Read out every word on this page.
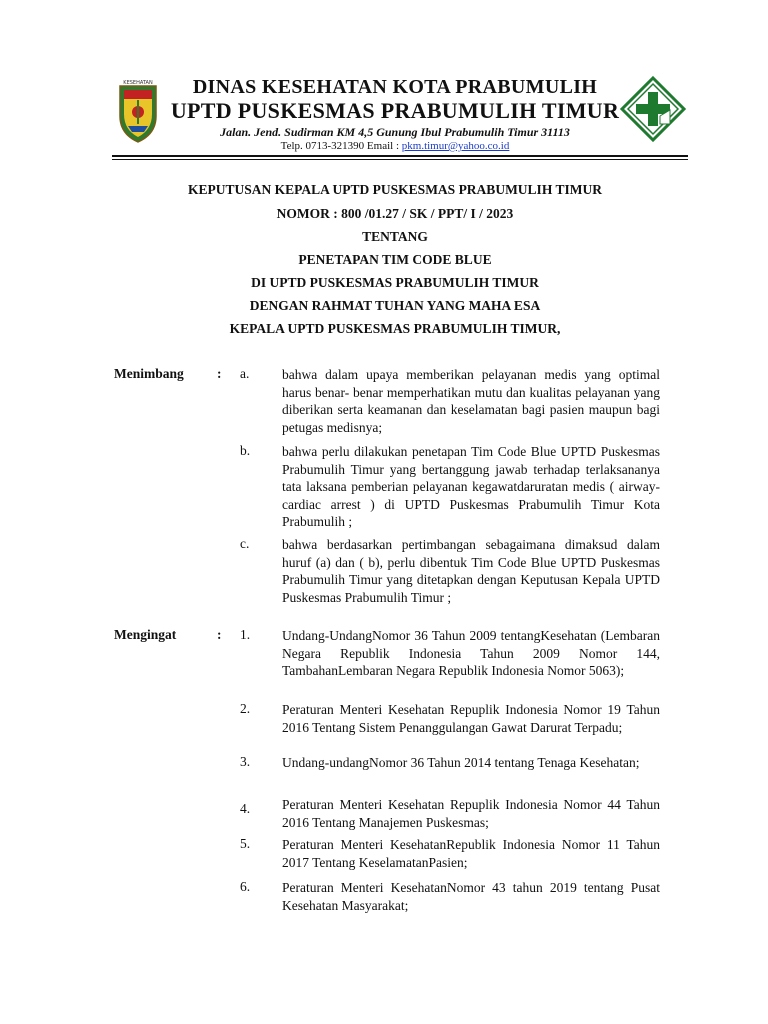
KESEHATAN	DINAS KESEHATAN KOTA PRABUMULIH
UPTD PUSKESMAS PRABUMULIH TIMUR
Jalan. Jend. Sudirman KM 4,5 Gunung Ibul Prabumulih Timur 31113
Telp. 0713-321390 Email : pkm.timur@yahoo.co.id
KEPUTUSAN KEPALA UPTD PUSKESMAS PRABUMULIH TIMUR
NOMOR : 800 /01.27 / SK / PPT/ I / 2023
TENTANG
PENETAPAN TIM CODE BLUE
DI UPTD PUSKESMAS PRABUMULIH TIMUR
DENGAN RAHMAT TUHAN YANG MAHA ESA
KEPALA UPTD PUSKESMAS PRABUMULIH TIMUR,
Menimbang : a. bahwa dalam upaya memberikan pelayanan medis yang optimal harus benar- benar memperhatikan mutu dan kualitas pelayanan yang diberikan serta keamanan dan keselamatan bagi pasien maupun bagi petugas medisnya;
b. bahwa perlu dilakukan penetapan Tim Code Blue UPTD Puskesmas Prabumulih Timur yang bertanggung jawab terhadap terlaksananya tata laksana pemberian pelayanan kegawatdaruratan medis ( airway-cardiac arrest ) di UPTD Puskesmas Prabumulih Timur Kota Prabumulih ;
c. bahwa berdasarkan pertimbangan sebagaimana dimaksud dalam huruf (a) dan ( b), perlu dibentuk Tim Code Blue UPTD Puskesmas Prabumulih Timur yang ditetapkan dengan Keputusan Kepala UPTD Puskesmas Prabumulih Timur ;
Mengingat	: 1. Undang-UndangNomor 36 Tahun 2009 tentangKesehatan (Lembaran Negara Republik Indonesia Tahun 2009 Nomor 144, TambahanLembaran Negara Republik Indonesia Nomor 5063);
2. Peraturan Menteri Kesehatan Repuplik Indonesia Nomor 19 Tahun 2016 Tentang Sistem Penanggulangan Gawat Darurat Terpadu;
3. Undang-undangNomor 36 Tahun 2014 tentang Tenaga Kesehatan;
4. Peraturan Menteri Kesehatan Repuplik Indonesia Nomor 44 Tahun 2016 Tentang Manajemen Puskesmas;
5. Peraturan Menteri KesehatanRepublik Indonesia Nomor 11 Tahun 2017 Tentang KeselamatanPasien;
6. Peraturan Menteri KesehatanNomor 43 tahun 2019 tentang Pusat Kesehatan Masyarakat;
